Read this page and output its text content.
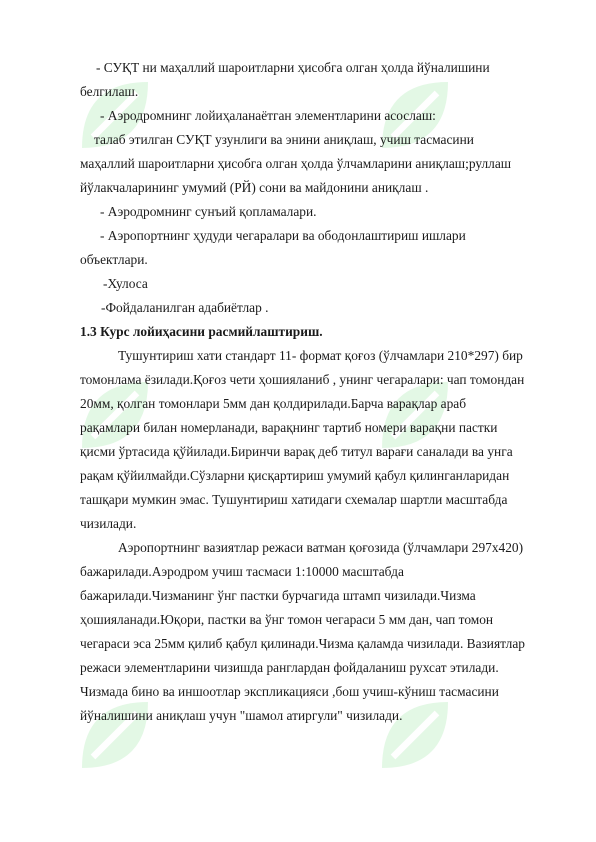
- СУҚТ ни маҳаллий шароитларни ҳисобга олган ҳолда йўналишини
белгилаш.
- Аэродромнинг лойиҳаланаётган элементларини асослаш:
талаб этилган СУҚТ узунлиги ва энини аниқлаш, учиш тасмасини
маҳаллий шароитларни ҳисобга олган ҳолда ўлчамларини аниқлаш;руллаш
йўлакчаларининг умумий (РЙ) сони ва майдонини аниқлаш .
- Аэродромнинг сунъий қопламалари.
- Аэропортнинг ҳудуди чегаралари ва ободонлаштириш ишлари
объектлари.
-Хулоса
-Фойдаланилган адабиётлар .
1.3 Курс лойиҳасини расмийлаштириш.
Тушунтириш хати стандарт 11- формат қоғоз (ўлчамлари 210*297) бир
томонлама ёзилади.Қоғоз чети ҳошияланиб , унинг чегаралари: чап томондан
20мм, қолган томонлари 5мм дан қолдирилади.Барча варақлар араб
рақамлари билан номерланади, варақнинг тартиб номери варақни пастки
қисми ўртасида қўйилади.Биринчи варақ деб титул варағи саналади ва унга
рақам қўйилмайди.Сўзларни қисқартириш умумий қабул қилинганларидан
ташқари мумкин эмас. Тушунтириш хатидаги схемалар шартли масштабда
чизилади.
Аэропортнинг вазиятлар режаси ватман қоғозида (ўлчамлари 297х420)
бажарилади.Аэродром учиш тасмаси 1:10000 масштабда
бажарилади.Чизманинг ўнг пастки бурчагида штамп чизилади.Чизма
ҳошияланади.Юқори, пастки ва ўнг томон чегараси 5 мм дан, чап томон
чегараси эса 25мм қилиб қабул қилинади.Чизма қаламда чизилади. Вазиятлар
режаси элементларини чизишда ранглардан фойдаланиш рухсат этилади.
Чизмада бино ва иншоотлар экспликацияси ,бош учиш-кўниш тасмасини
йўналишини аниқлаш учун "шамол атиргули" чизилади.
